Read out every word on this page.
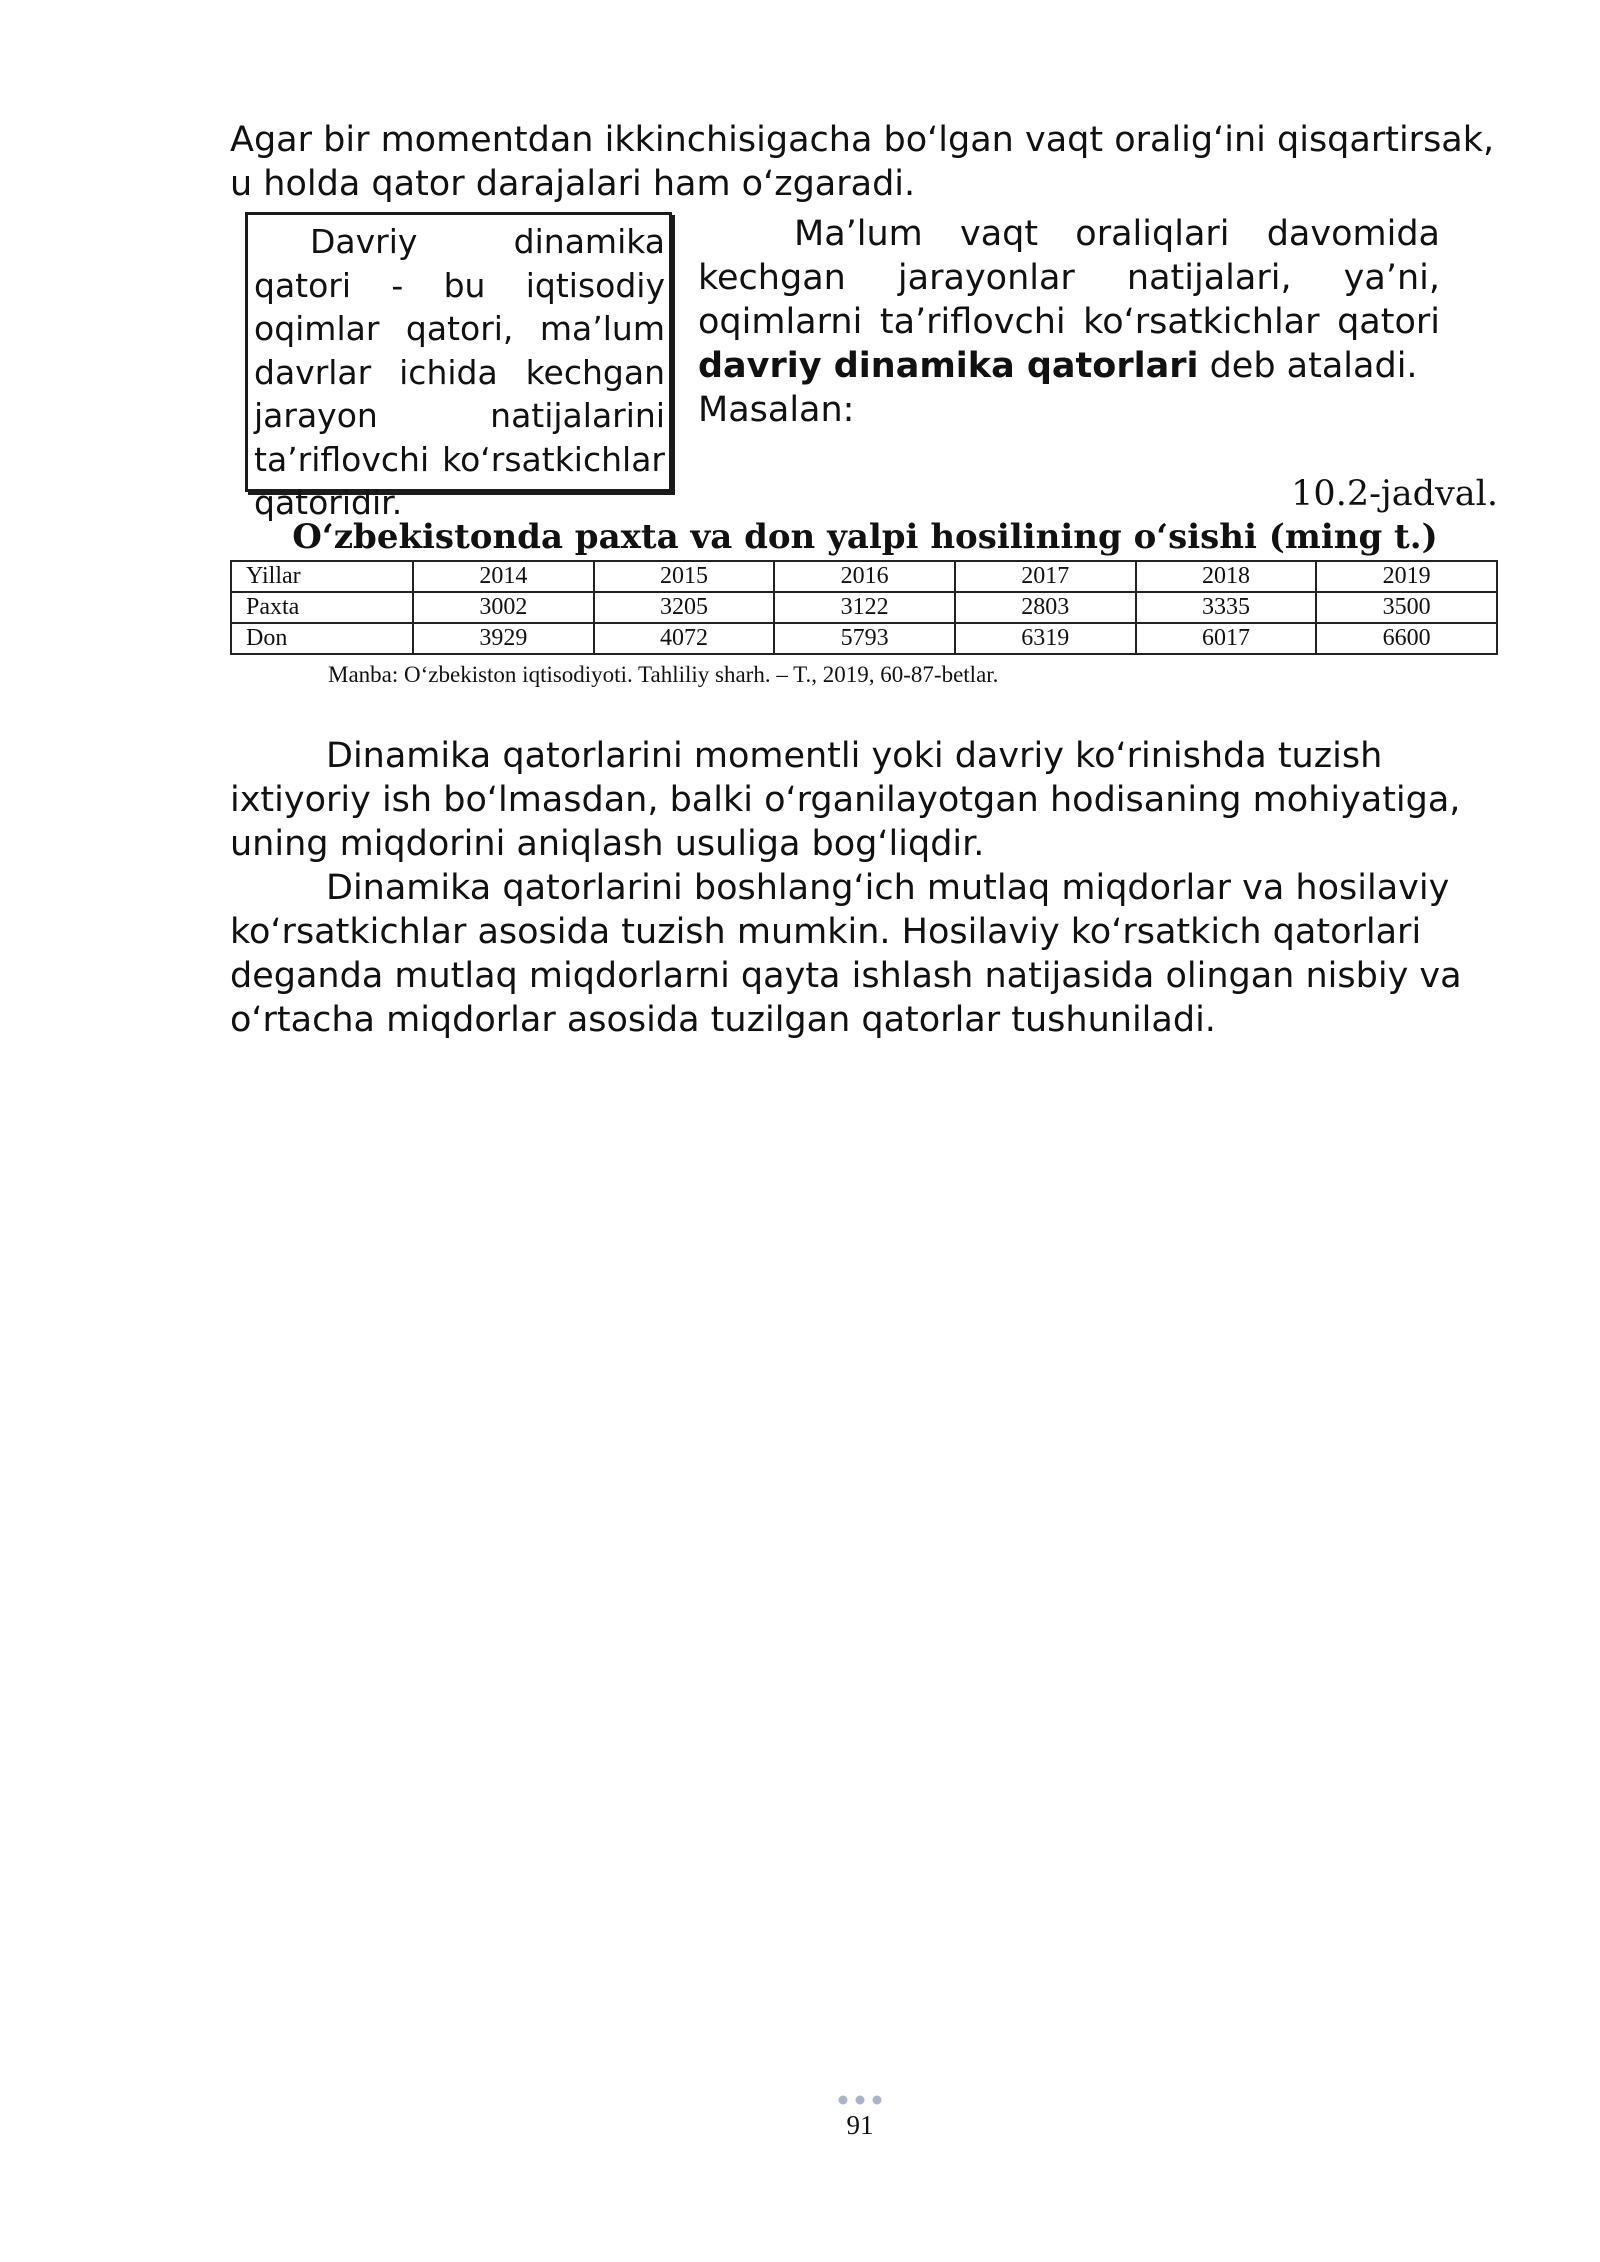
Agar bir momentdan ikkinchisigacha bo‘lgan vaqt oralig‘ini qisqartirsak, u holda qator darajalari ham o‘zgaradi.
Davriy dinamika qatori - bu iqtisodiy oqimlar qatori, ma’lum davrlar ichida kechgan jarayon natijalarini ta’riflovchi ko‘rsatkichlar qatoridir.
Ma’lum vaqt oraliqlari davomida kechgan jarayonlar natijalari, ya’ni, oqimlarni ta’riflovchi ko‘rsatkichlar qatori davriy dinamika qatorlari deb ataladi.
Masalan:
10.2-jadval.
O‘zbekistonda paxta va don yalpi hosilining o‘sishi (ming t.)
Yillar	2014	2015	2016	2017	2018	2019
Paxta	3002	3205	3122	2803	3335	3500
Don	3929	4072	5793	6319	6017	6600
Manba: O‘zbekiston iqtisodiyoti. Tahliliy sharh. – T., 2019, 60-87-betlar.
Dinamika qatorlarini momentli yoki davriy ko‘rinishda tuzish ixtiyoriy ish bo‘lmasdan, balki o‘rganilayotgan hodisaning mohiyatiga, uning miqdorini aniqlash usuliga bog‘liqdir.
Dinamika qatorlarini boshlang‘ich mutlaq miqdorlar va hosilaviy ko‘rsatkichlar asosida tuzish mumkin. Hosilaviy ko‘rsatkich qatorlari deganda mutlaq miqdorlarni qayta ishlash natijasida olingan nisbiy va o‘rtacha miqdorlar asosida tuzilgan qatorlar tushuniladi.
91
